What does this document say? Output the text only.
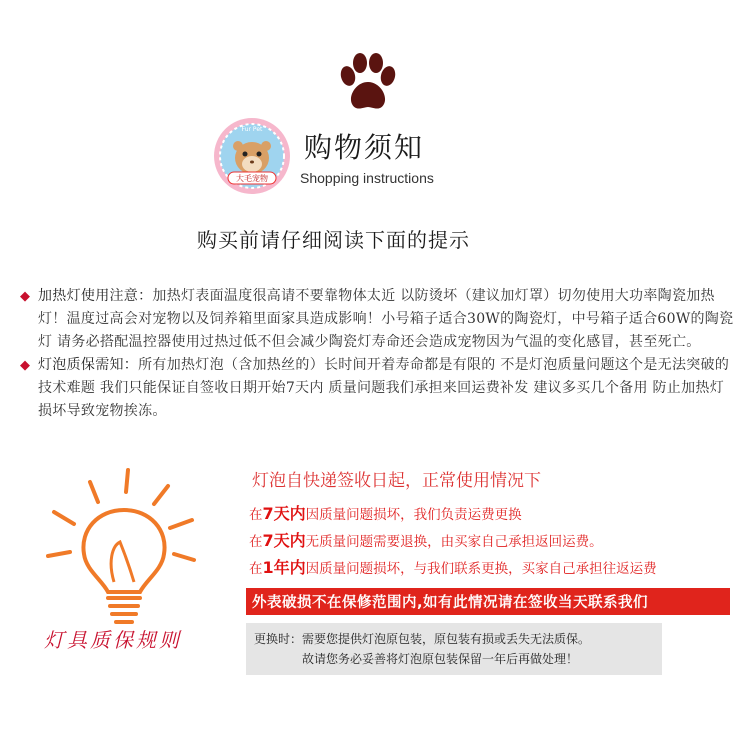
大毛宠物
Fur Pet
购物须知
Shopping instructions
购买前请仔细阅读下面的提示
◆ 加热灯使用注意：加热灯表面温度很高请不要靠物体太近 以防烫坏（建议加灯罩）切勿使用大功率陶瓷加热灯！温度过高会对宠物以及饲养箱里面家具造成影响！小号箱子适合30W的陶瓷灯，中号箱子适合60W的陶瓷灯 请务必搭配温控器使用过热过低不但会减少陶瓷灯寿命还会造成宠物因为气温的变化感冒，甚至死亡。
◆ 灯泡质保需知：所有加热灯泡（含加热丝的）长时间开着寿命都是有限的 不是灯泡质量问题这个是无法突破的技术难题 我们只能保证自签收日期开始7天内 质量问题我们承担来回运费补发 建议多买几个备用 防止加热灯损坏导致宠物挨冻。
灯具质保规则
灯泡自快递签收日起，正常使用情况下
在7天内因质量问题损坏，我们负责运费更换
在7天内无质量问题需要退换，由买家自己承担返回运费。
在1年内因质量问题损坏，与我们联系更换，买家自己承担往返运费
外表破损不在保修范围内,如有此情况请在签收当天联系我们
更换时：需要您提供灯泡原包装，原包装有损或丢失无法质保。
故请您务必妥善将灯泡原包装保留一年后再做处理！
